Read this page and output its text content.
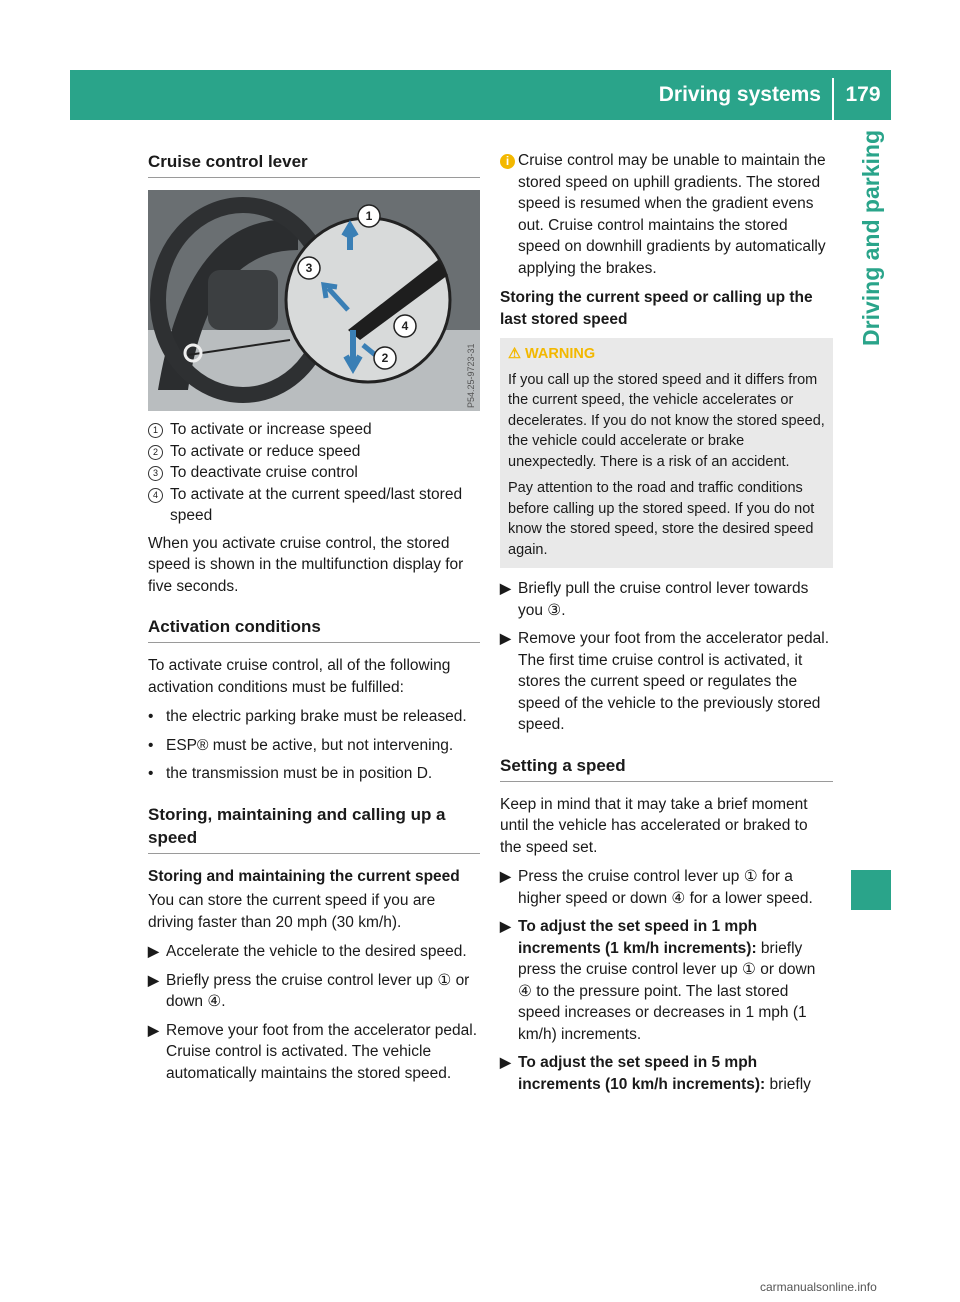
Driving systems	179
Driving and parking
Cruise control lever
1
2
3
4
P54.25-9723-31
1 To activate or increase speed
2 To activate or reduce speed
3 To deactivate cruise control
4 To activate at the current speed/last stored speed

When you activate cruise control, the stored speed is shown in the multifunction display for five seconds.

Activation conditions

To activate cruise control, all of the following activation conditions must be fulfilled:

• the electric parking brake must be released.
• ESP® must be active, but not intervening.
• the transmission must be in position D.
Storing, maintaining and calling up a speed
Storing and maintaining the current speed

You can store the current speed if you are driving faster than 20 mph (30 km/h).

▶ Accelerate the vehicle to the desired speed.
▶ Briefly press the cruise control lever up ① or down ④.
▶ Remove your foot from the accelerator pedal. Cruise control is activated. The vehicle automatically maintains the stored speed.
i Cruise control may be unable to maintain the stored speed on uphill gradients. The stored speed is resumed when the gradient evens out. Cruise control maintains the stored speed on downhill gradients by automatically applying the brakes.
Storing the current speed or calling up the last stored speed
⚠ WARNING

If you call up the stored speed and it differs from the current speed, the vehicle accelerates or decelerates. If you do not know the stored speed, the vehicle could accelerate or brake unexpectedly. There is a risk of an accident.

Pay attention to the road and traffic conditions before calling up the stored speed. If you do not know the stored speed, store the desired speed again.

▶ Briefly pull the cruise control lever towards you ③.
▶ Remove your foot from the accelerator pedal. The first time cruise control is activated, it stores the current speed or regulates the speed of the vehicle to the previously stored speed.
Setting a speed

Keep in mind that it may take a brief moment until the vehicle has accelerated or braked to the speed set.

▶ Press the cruise control lever up ① for a higher speed or down ④ for a lower speed.
▶ To adjust the set speed in 1 mph increments (1 km/h increments): briefly press the cruise control lever up ① or down ④ to the pressure point. The last stored speed increases or decreases in 1 mph (1 km/h) increments.
▶ To adjust the set speed in 5 mph increments (10 km/h increments): briefly
carmanualsonline.info
